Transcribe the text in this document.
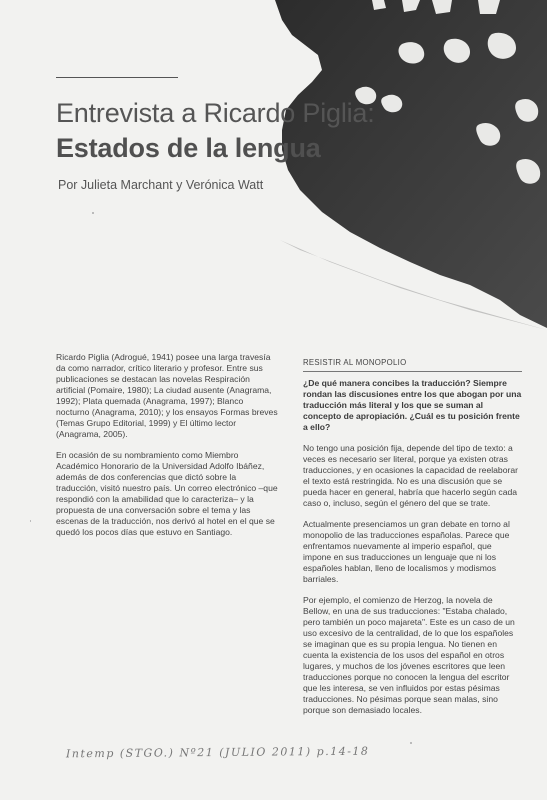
Entrevista a Ricardo Piglia:
Estados de la lengua
Por Julieta Marchant y Verónica Watt

Ricardo Piglia (Adrogué, 1941) posee una larga travesía da como narrador, crítico literario y profesor. Entre sus publicaciones se destacan las novelas Respiración artificial (Pomaire, 1980); La ciudad ausente (Anagrama, 1992); Plata quemada (Anagrama, 1997); Blanco nocturno (Anagrama, 2010); y los ensayos Formas breves (Temas Grupo Editorial, 1999) y El último lector (Anagrama, 2005).

En ocasión de su nombramiento como Miembro Académico Honorario de la Universidad Adolfo Ibáñez, además de dos conferencias que dictó sobre la traducción, visitó nuestro país. Un correo electrónico –que respondió con la amabilidad que lo caracteriza– y la propuesta de una conversación sobre el tema y las escenas de la traducción, nos derivó al hotel en el que se quedó los pocos días que estuvo en Santiago.

RESISTIR AL MONOPOLIO

¿De qué manera concibes la traducción? Siempre rondan las discusiones entre los que abogan por una traducción más literal y los que se suman al concepto de apropiación. ¿Cuál es tu posición frente a ello?

No tengo una posición fija, depende del tipo de texto: a veces es necesario ser literal, porque ya existen otras traducciones, y en ocasiones la capacidad de reelaborar el texto está restringida. No es una discusión que se pueda hacer en general, habría que hacerlo según cada caso o, incluso, según el género del que se trate.

Actualmente presenciamos un gran debate en torno al monopolio de las traducciones españolas. Parece que enfrentamos nuevamente al imperio español, que impone en sus traducciones un lenguaje que ni los españoles hablan, lleno de localismos y modismos barriales.

Por ejemplo, el comienzo de Herzog, la novela de Bellow, en una de sus traducciones: "Estaba chalado, pero también un poco majareta". Este es un caso de un uso excesivo de la centralidad, de lo que los españoles se imaginan que es su propia lengua. No tienen en cuenta la existencia de los usos del español en otros lugares, y muchos de los jóvenes escritores que leen traducciones porque no conocen la lengua del escritor que les interesa, se ven influidos por estas pésimas traducciones. No pésimas porque sean malas, sino porque son demasiado locales.

Intemp (STGO.) Nº21 (JULIO 2011) p.14-18
